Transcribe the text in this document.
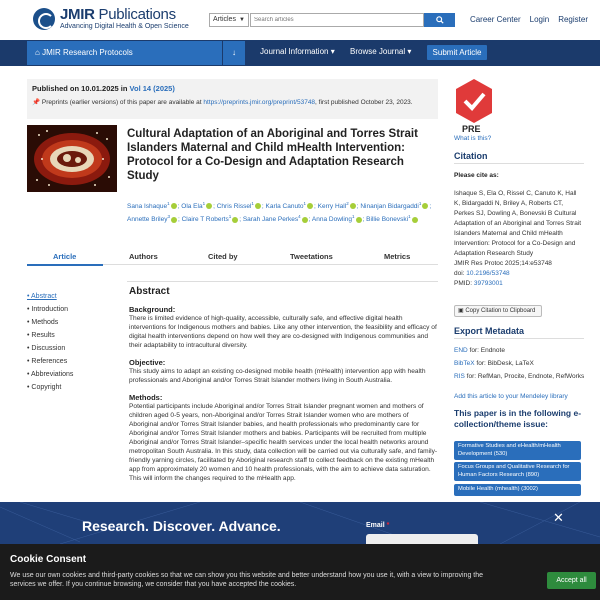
JMIR Publications
Advancing Digital Health & Open Science
Articles ▼
Search articles	Career Center Login Register
⌂ JMIR Research Protocols	↓	Journal Information ▾ Browse Journal ▾	Submit Article
Published on 10.01.2025 in Vol 14 (2025)
📌 Preprints (earlier versions) of this paper are available at https://preprints.jmir.org/preprint/53748, first published October 23, 2023.
Cultural Adaptation of an Aboriginal and Torres Strait Islanders Maternal and Child mHealth Intervention: Protocol for a Co-Design and Adaptation Research Study
Sana Ishaque$^1$ ; Ola Ela$^1$ ; Chris Rissel$^1$ ; Karla Canuto$^1$ ; Kerry Hall$^2$ ; Ninanjan Bidargaddi$^1$ ; Annette Briley$^3$ ; Claire T Roberts$^1$ ; Sarah Jane Perkes$^4$ ; Anna Dowling$^1$ ; Billie Bonevski$^1$
Article	Authors	Cited by	Tweetations	Metrics
• Abstract
• Introduction
• Methods
• Results
• Discussion
• References
• Abbreviations
• Copyright
Abstract
Background:
There is limited evidence of high-quality, accessible, culturally safe, and effective digital health interventions for Indigenous mothers and babies. Like any other intervention, the feasibility and efficacy of digital health interventions depend on how well they are co-designed with Indigenous communities and their adaptability to intracultural diversity.
Objective:
This study aims to adapt an existing co-designed mobile health (mHealth) intervention app with health professionals and Aboriginal and/or Torres Strait Islander mothers living in South Australia.
Methods:
Potential participants include Aboriginal and/or Torres Strait Islander pregnant women and mothers of children aged 0-5 years, non-Aboriginal and/or Torres Strait Islander women who are mothers of Aboriginal and/or Torres Strait Islander babies, and health professionals who predominantly care for Aboriginal and/or Torres Strait Islander mothers and babies. Participants will be recruited from multiple Aboriginal and/or Torres Strait Islander–specific health services under the local health networks around metropolitan South Australia. In this study, data collection will be carried out via culturally safe, and family-friendly yarning circles, facilitated by Aboriginal research staff to collect feedback on the existing mHealth app from approximately 20 women and 10 health professionals, with the aim to achieve data saturation. This will inform the changes required to the mHealth app.
PRE
What is this?
Citation
Please cite as:
Ishaque S, Ela O, Rissel C, Canuto K, Hall K, Bidargaddi N, Briley A, Roberts CT, Perkes SJ, Dowling A, Bonevski B Cultural Adaptation of an Aboriginal and Torres Strait Islanders Maternal and Child mHealth Intervention: Protocol for a Co-Design and Adaptation Research Study
JMIR Res Protoc 2025;14:e53748
doi: 10.2196/53748
PMID: 39793001
▣ Copy Citation to Clipboard
Export Metadata
END for: Endnote
BibTeX for: BibDesk, LaTeX
RIS for: RefMan, Procite, Endnote, RefWorks
Add this article to your Mendeley library
This paper is in the following e-collection/theme issue:
Formative Studies and eHealth/mHealth Development (530)
Focus Groups and Qualitative Research for Human Factors Research (890)
Mobile Health (mhealth) (3002)
Research. Discover. Advance.	Email *
✕
Cookie Consent
We use our own cookies and third-party cookies so that we can show you this website and better understand how you use it, with a view to improving the services we offer. If you continue browsing, we consider that you have accepted the cookies.
Accept all
